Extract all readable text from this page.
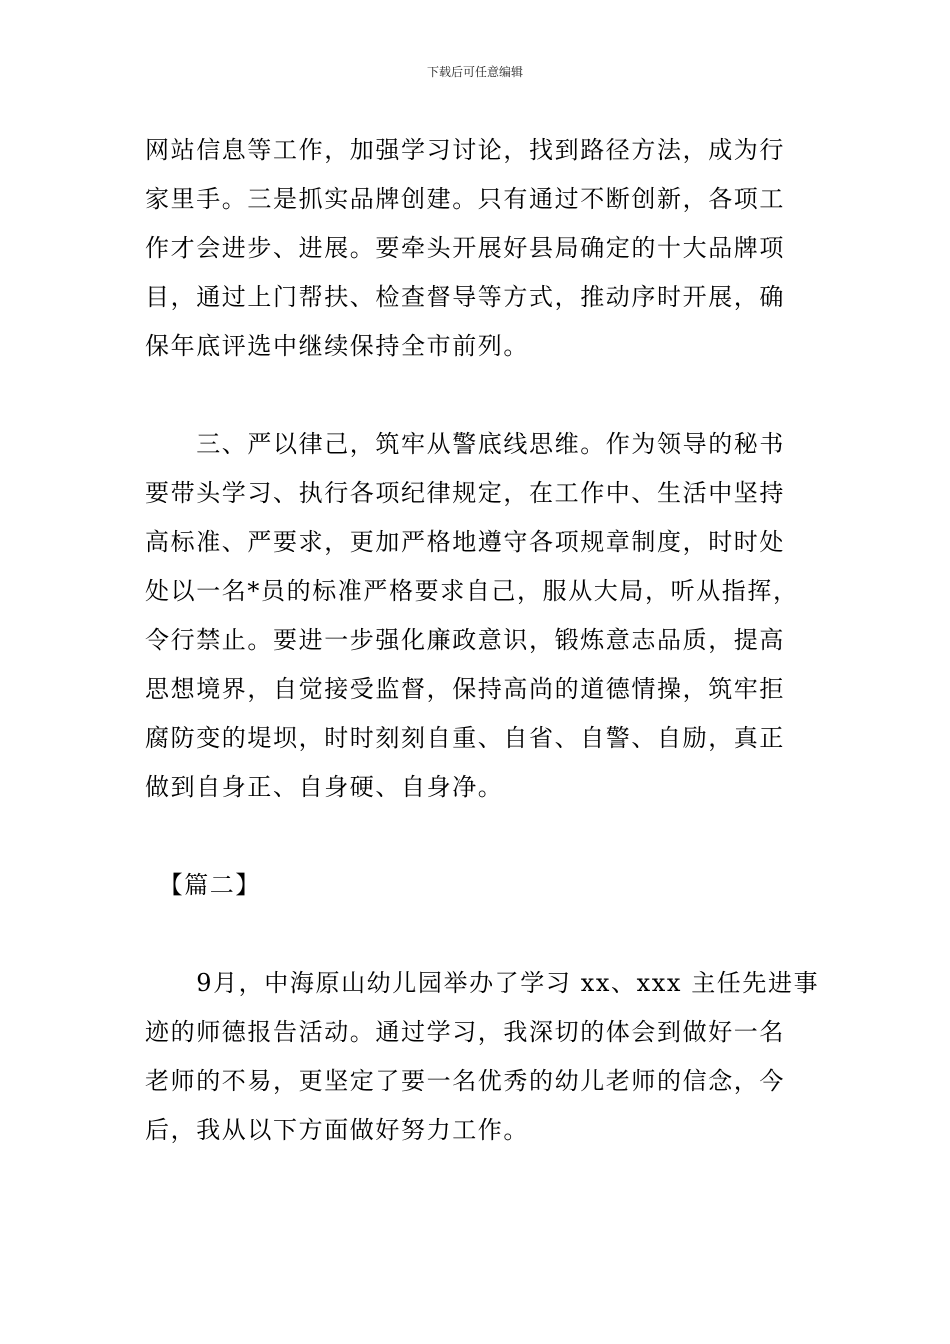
下载后可任意编辑
网站信息等工作，加强学习讨论，找到路径方法，成为行
家里手。三是抓实品牌创建。只有通过不断创新，各项工
作才会进步、进展。要牵头开展好县局确定的十大品牌项
目，通过上门帮扶、检查督导等方式，推动序时开展，确
保年底评选中继续保持全市前列。
　　三、严以律己，筑牢从警底线思维。作为领导的秘书
要带头学习、执行各项纪律规定，在工作中、生活中坚持
高标准、严要求，更加严格地遵守各项规章制度，时时处
处以一名*员的标准严格要求自己，服从大局，听从指挥，
令行禁止。要进一步强化廉政意识，锻炼意志品质，提高
思想境界，自觉接受监督，保持高尚的道德情操，筑牢拒
腐防变的堤坝，时时刻刻自重、自省、自警、自励，真正
做到自身正、自身硬、自身净。
　【篇二】
　　9月，中海原山幼儿园举办了学习 xx、xxx 主任先进事
迹的师德报告活动。通过学习，我深切的体会到做好一名
老师的不易，更坚定了要一名优秀的幼儿老师的信念，今
后，我从以下方面做好努力工作。
